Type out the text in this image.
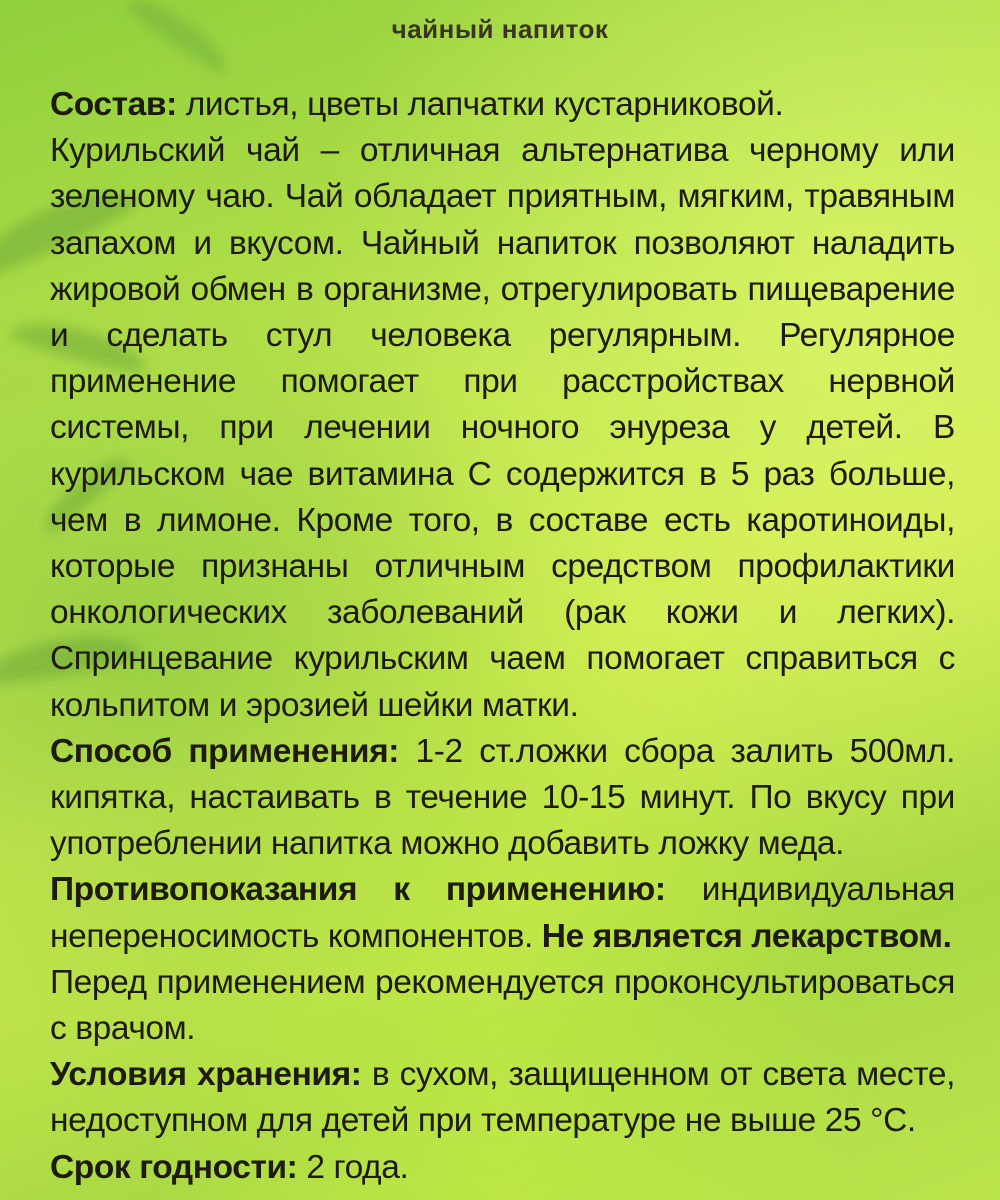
чайный напиток

Состав: листья, цветы лапчатки кустарниковой.

Курильский чай – отличная альтернатива черному или зеленому чаю. Чай обладает приятным, мягким, травяным запахом и вкусом. Чайный напиток позволяют наладить жировой обмен в организме, отрегулировать пищеварение и сделать стул человека регулярным. Регулярное применение помогает при расстройствах нервной системы, при лечении ночного энуреза у детей. В курильском чае витамина С содержится в 5 раз больше, чем в лимоне. Кроме того, в составе есть каротиноиды, которые признаны отличным средством профилактики онкологических заболеваний (рак кожи и легких). Спринцевание курильским чаем помогает справиться с кольпитом и эрозией шейки матки.

Способ применения: 1-2 ст.ложки сбора залить 500мл. кипятка, настаивать в течение 10-15 минут. По вкусу при употреблении напитка можно добавить ложку меда.

Противопоказания к применению: индивидуальная непереносимость компонентов. Не является лекарством.

Перед применением рекомендуется проконсультироваться с врачом.

Условия хранения: в сухом, защищенном от света месте, недоступном для детей при температуре не выше 25 °С.

Срок годности: 2 года.
